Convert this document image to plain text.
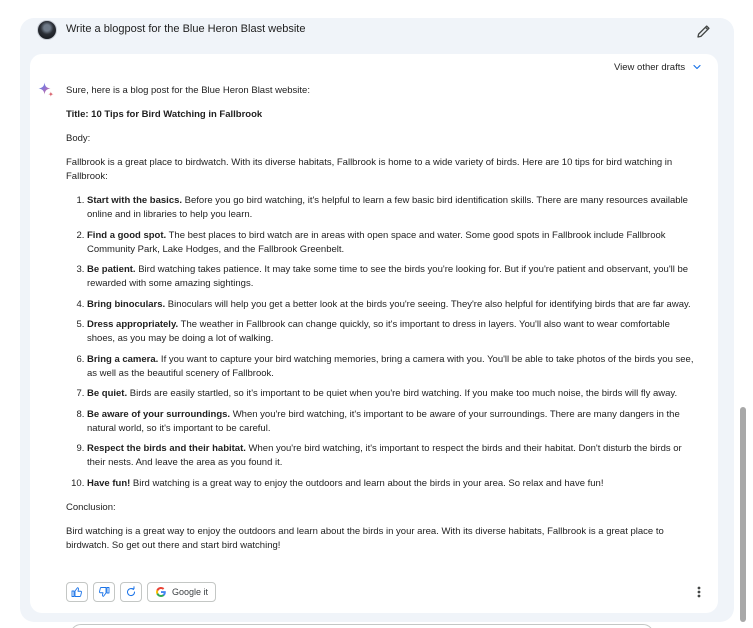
Write a blogpost for the Blue Heron Blast website
View other drafts

Sure, here is a blog post for the Blue Heron Blast website:

Title: 10 Tips for Bird Watching in Fallbrook

Body:

Fallbrook is a great place to birdwatch. With its diverse habitats, Fallbrook is home to a wide variety of birds. Here are 10 tips for bird watching in Fallbrook:

1. Start with the basics. Before you go bird watching, it's helpful to learn a few basic bird identification skills. There are many resources available online and in libraries to help you learn.
2. Find a good spot. The best places to bird watch are in areas with open space and water. Some good spots in Fallbrook include Fallbrook Community Park, Lake Hodges, and the Fallbrook Greenbelt.
3. Be patient. Bird watching takes patience. It may take some time to see the birds you're looking for. But if you're patient and observant, you'll be rewarded with some amazing sightings.
4. Bring binoculars. Binoculars will help you get a better look at the birds you're seeing. They're also helpful for identifying birds that are far away.
5. Dress appropriately. The weather in Fallbrook can change quickly, so it's important to dress in layers. You'll also want to wear comfortable shoes, as you may be doing a lot of walking.
6. Bring a camera. If you want to capture your bird watching memories, bring a camera with you. You'll be able to take photos of the birds you see, as well as the beautiful scenery of Fallbrook.
7. Be quiet. Birds are easily startled, so it's important to be quiet when you're bird watching. If you make too much noise, the birds will fly away.
8. Be aware of your surroundings. When you're bird watching, it's important to be aware of your surroundings. There are many dangers in the natural world, so it's important to be careful.
9. Respect the birds and their habitat. When you're bird watching, it's important to respect the birds and their habitat. Don't disturb the birds or their nests. And leave the area as you found it.
10. Have fun! Bird watching is a great way to enjoy the outdoors and learn about the birds in your area. So relax and have fun!

Conclusion:

Bird watching is a great way to enjoy the outdoors and learn about the birds in your area. With its diverse habitats, Fallbrook is a great place to birdwatch. So get out there and start bird watching!

Google it
